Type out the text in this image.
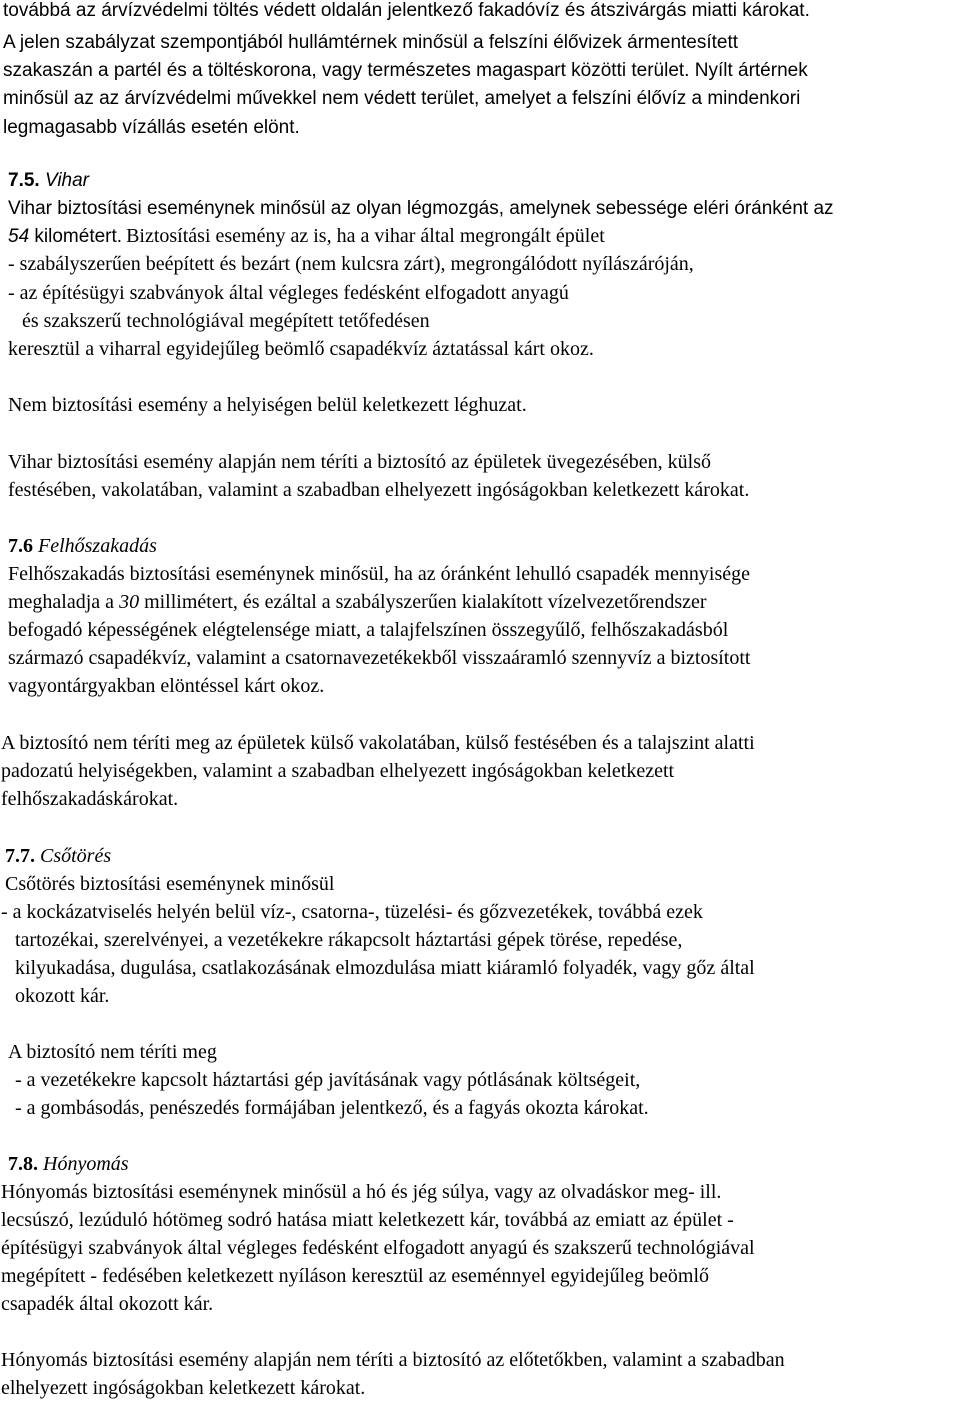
továbbá az árvízvédelmi töltés védett oldalán jelentkező fakadóvíz és átszivárgás miatti károkat.
A jelen szabályzat szempontjából hullámtérnek minősül a felszíni élővizek ármentesített
szakaszán a partél és a töltéskorona, vagy természetes magaspart közötti terület. Nyílt ártérnek
minősül az az árvízvédelmi művekkel nem védett terület, amelyet a felszíni élővíz a mindenkori
legmagasabb vízállás esetén elönt.
7.5. Vihar
Vihar biztosítási eseménynek minősül az olyan légmozgás, amelynek sebessége eléri óránként az
54 kilométert. Biztosítási esemény az is, ha a vihar által megrongált épület
- szabályszerűen beépített és bezárt (nem kulcsra zárt), megrongálódott nyílászáróján,
- az építésügyi szabványok által végleges fedésként elfogadott anyagú
és szakszerű technológiával megépített tetőfedésen
keresztül a viharral egyidejűleg beömlő csapadékvíz áztatással kárt okoz.
Nem biztosítási esemény a helyiségen belül keletkezett léghuzat.
Vihar biztosítási esemény alapján nem téríti a biztosító az épületek üvegezésében, külső
festésében, vakolatában, valamint a szabadban elhelyezett ingóságokban keletkezett károkat.
7.6 Felhőszakadás
Felhőszakadás biztosítási eseménynek minősül, ha az óránként lehulló csapadék mennyisége
meghaladja a 30 millimétert, és ezáltal a szabályszerűen kialakított vízelvezetőrendszer
befogadó képességének elégtelensége miatt, a talajfelszínen összegyűlő, felhőszakadásból
származó csapadékvíz, valamint a csatornavezetékekből visszaáramló szennyvíz a biztosított
vagyontárgyakban elöntéssel kárt okoz.
A biztosító nem téríti meg az épületek külső vakolatában, külső festésében és a talajszint alatti
padozatú helyiségekben, valamint a szabadban elhelyezett ingóságokban keletkezett
felhőszakadáskárokat.
7.7. Csőtörés
Csőtörés biztosítási eseménynek minősül
- a kockázatviselés helyén belül víz-, csatorna-, tüzelési- és gőzvezetékek, továbbá ezek
tartozékai, szerelvényei, a vezetékekre rákapcsolt háztartási gépek törése, repedése,
kilyukadása, dugulása, csatlakozásának elmozdulása miatt kiáramló folyadék, vagy gőz által
okozott kár.
A biztosító nem téríti meg
- a vezetékekre kapcsolt háztartási gép javításának vagy pótlásának költségeit,
- a gombásodás, penészedés formájában jelentkező, és a fagyás okozta károkat.
7.8. Hónyomás
Hónyomás biztosítási eseménynek minősül a hó és jég súlya, vagy az olvadáskor meg- ill.
lecsúszó, lezúduló hótömeg sodró hatása miatt keletkezett kár, továbbá az emiatt az épület -
építésügyi szabványok által végleges fedésként elfogadott anyagú és szakszerű technológiával
megépített - fedésében keletkezett nyíláson keresztül az eseménnyel egyidejűleg beömlő
csapadék által okozott kár.
Hónyomás biztosítási esemény alapján nem téríti a biztosító az előtetőkben, valamint a szabadban
elhelyezett ingóságokban keletkezett károkat.
